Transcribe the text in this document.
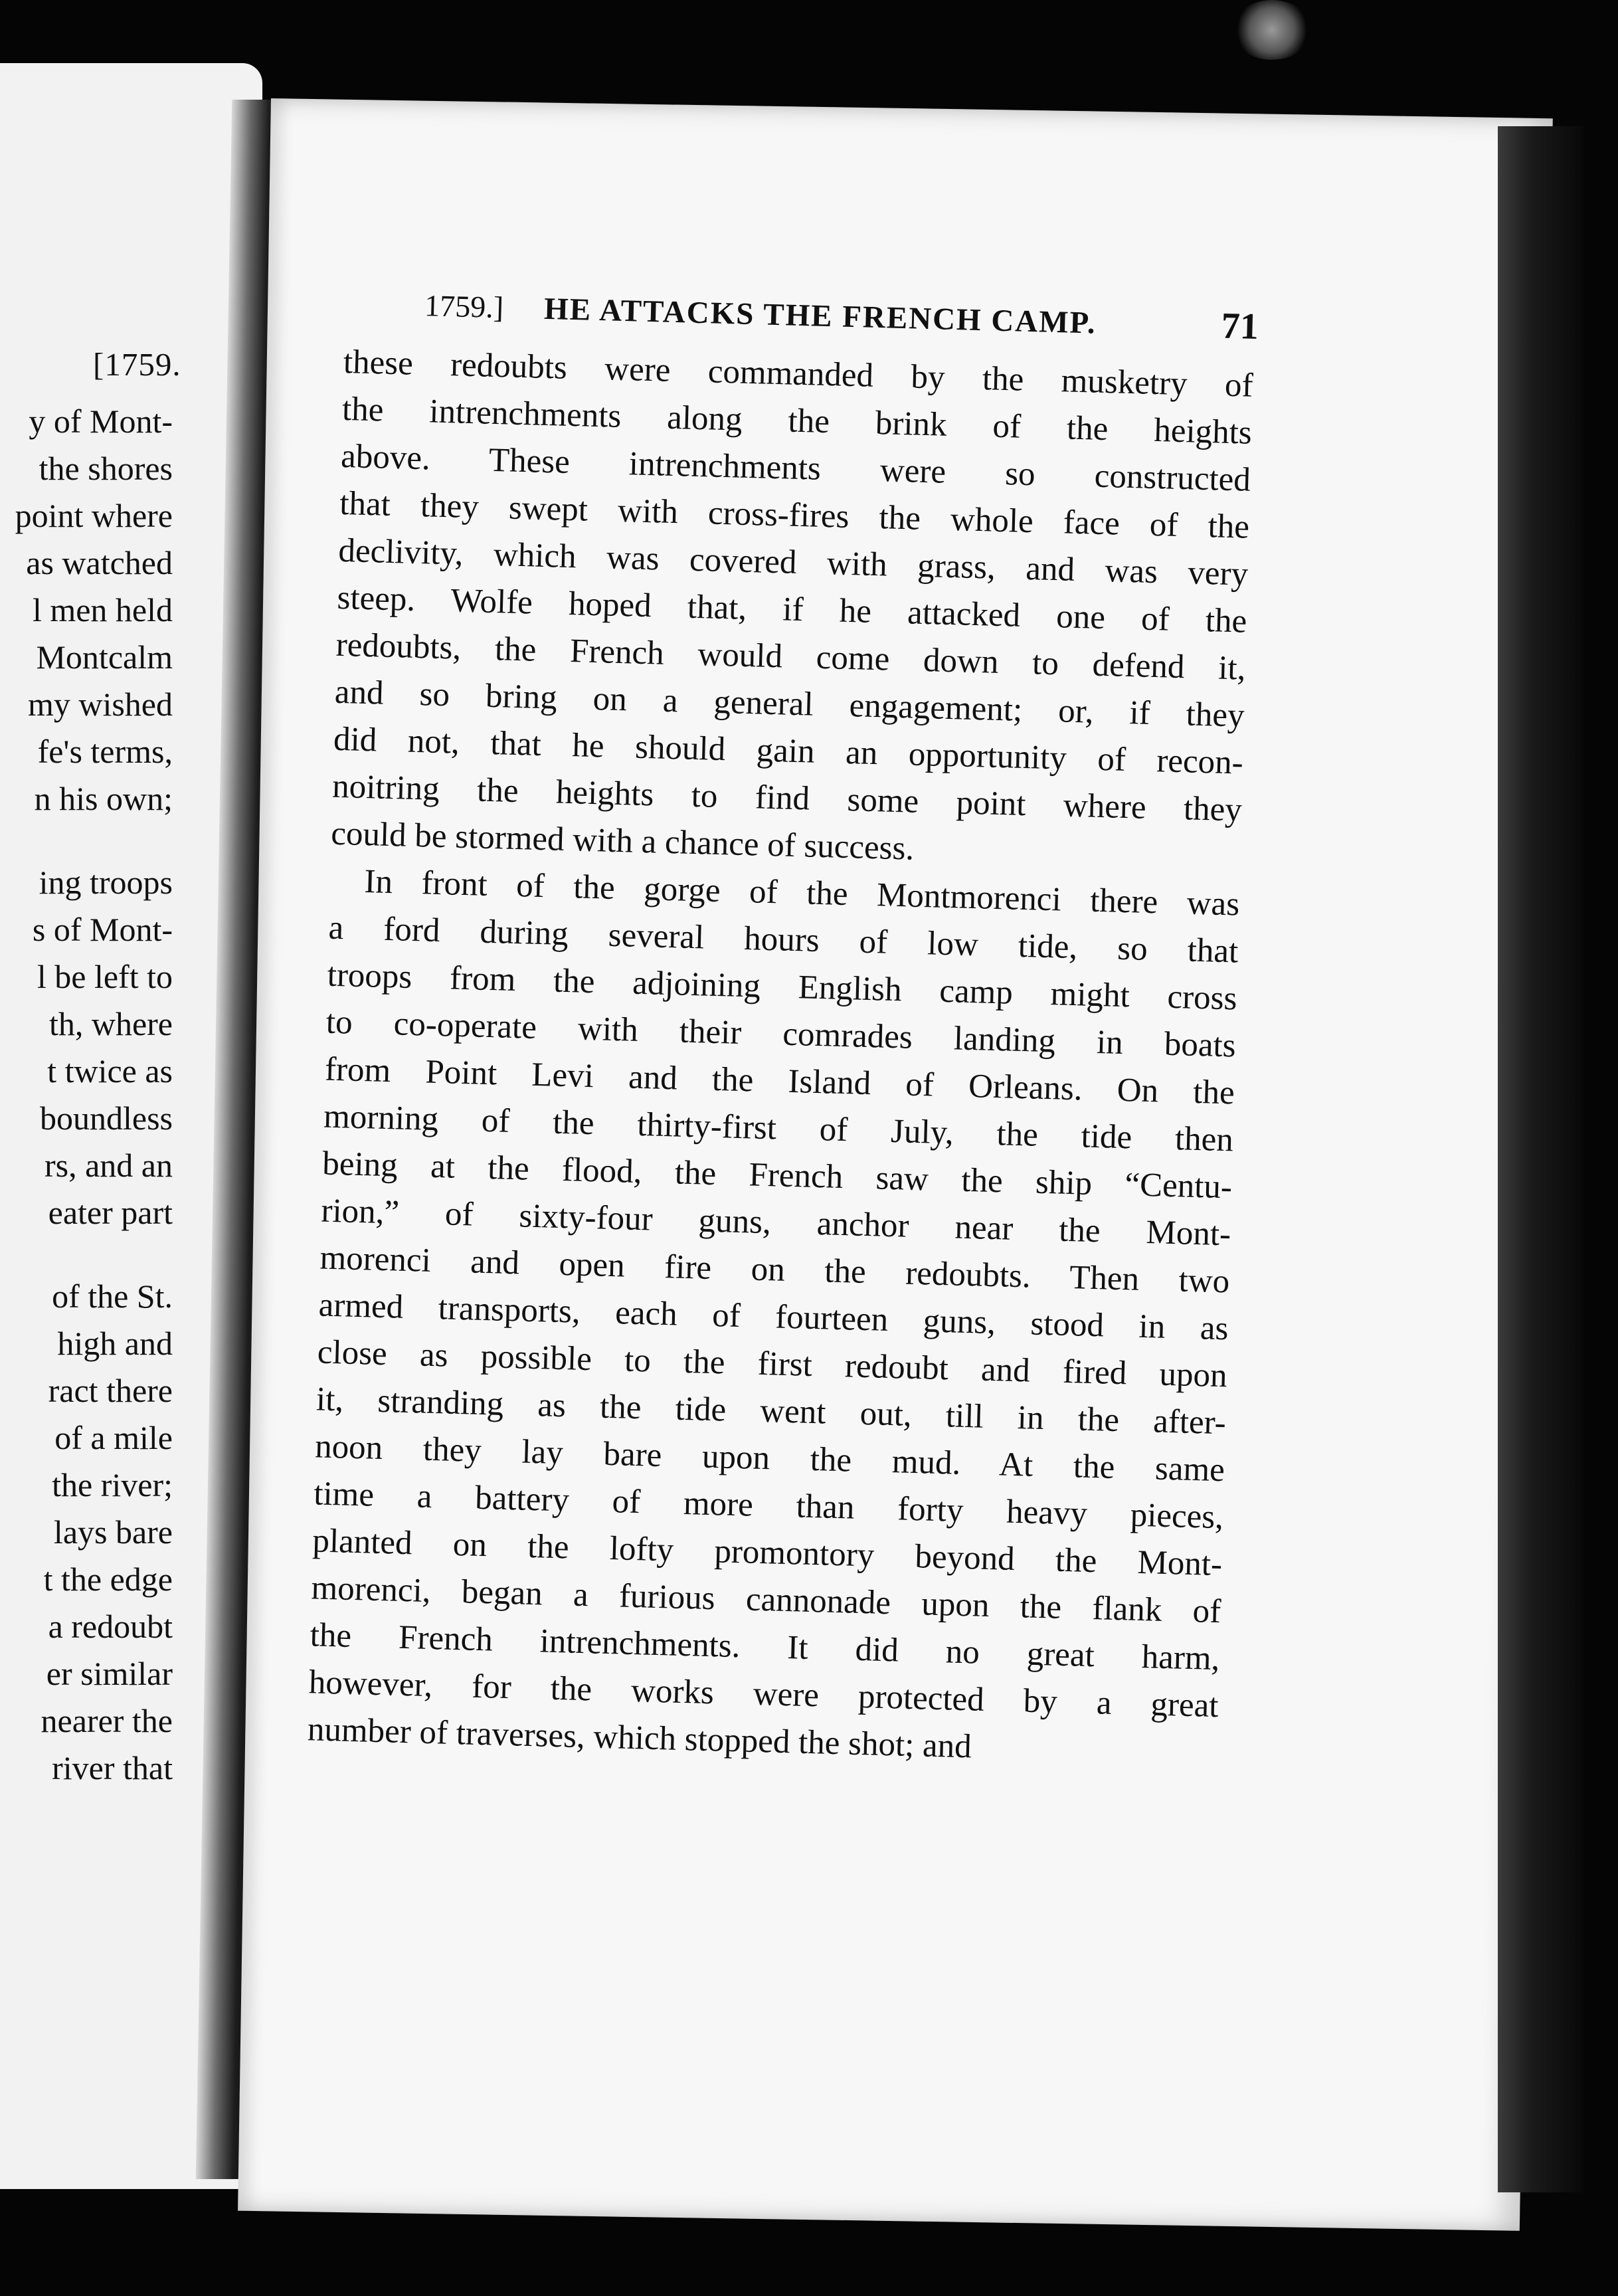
[1759.
y of Mont-
the shores
point where
as watched
l men held
Montcalm
my wished
fe's terms,
n his own;
ing troops
s of Mont-
l be left to
th, where
t twice as
boundless
rs, and an
eater part
of the St.
high and
ract there
of a mile
the river;
lays bare
t the edge
a redoubt
er similar
nearer the
river that
1759.] HE ATTACKS THE FRENCH CAMP.	71
these redoubts were commanded by the musketry of
the intrenchments along the brink of the heights
above. These intrenchments were so constructed
that they swept with cross-fires the whole face of the
declivity, which was covered with grass, and was very
steep. Wolfe hoped that, if he attacked one of the
redoubts, the French would come down to defend it,
and so bring on a general engagement; or, if they
did not, that he should gain an opportunity of recon-
noitring the heights to find some point where they
could be stormed with a chance of success.
In front of the gorge of the Montmorenci there was
a ford during several hours of low tide, so that
troops from the adjoining English camp might cross
to co-operate with their comrades landing in boats
from Point Levi and the Island of Orleans. On the
morning of the thirty-first of July, the tide then
being at the flood, the French saw the ship “Centu-
rion,” of sixty-four guns, anchor near the Mont-
morenci and open fire on the redoubts. Then two
armed transports, each of fourteen guns, stood in as
close as possible to the first redoubt and fired upon
it, stranding as the tide went out, till in the after-
noon they lay bare upon the mud. At the same
time a battery of more than forty heavy pieces,
planted on the lofty promontory beyond the Mont-
morenci, began a furious cannonade upon the flank of
the French intrenchments. It did no great harm,
however, for the works were protected by a great
number of traverses, which stopped the shot; and
